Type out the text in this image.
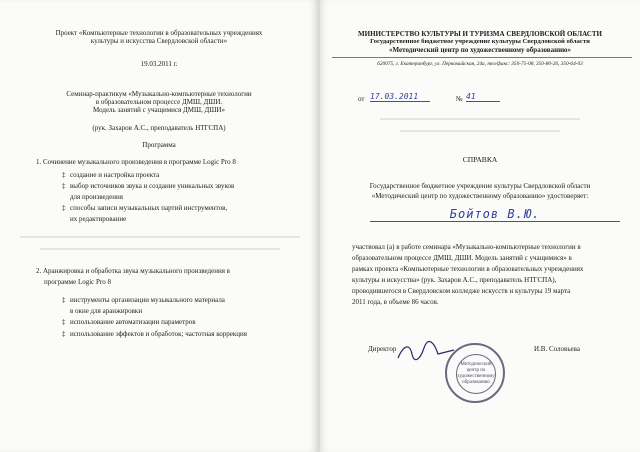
Проект «Компьютерные технологии в образовательных учреждениях
культуры и искусства Свердловской области»
19.03.2011 г.
Семинар-практикум «Музыкально-компьютерные технологии
в образовательном процессе ДМШ, ДШИ.
Модель занятий с учащимися ДМШ, ДШИ»
(рук. Захаров А.С., преподаватель НТГСПА)
Программа
1. Сочинение музыкального произведения в программе Logic Pro 8
‡ создание и настройка проекта
‡ выбор источников звука и создание уникальных звуков
для произведения
‡ способы записи музыкальных партий инструментов,
их редактирование
2. Аранжировка и обработка звука музыкального произведения в
программе Logic Pro 8
‡ инструменты организации музыкального материала
в окне для аранжировки
‡ использование автоматизации параметров
‡ использование эффектов и обработок; частотная коррекция
МИНИСТЕРСТВО КУЛЬТУРЫ И ТУРИЗМА СВЕРДЛОВСКОЙ ОБЛАСТИ
Государственное бюджетное учреждение культуры Свердловской области
«Методический центр по художественному образованию»
620075, г. Екатеринбург, ул. Первомайская, 24а, тел/факс: 350-75-08, 350-80-26, 350-64-03
от 17.03.2011	№ 41
СПРАВКА
Государственное бюджетное учреждение культуры Свердловской области
«Методический центр по художественному образованию» удостоверяет:
Бойтов В.Ю.
участвовал (а) в работе семинара «Музыкально-компьютерные технологии в
образовательном процессе ДМШ, ДШИ. Модель занятий с учащимися» в
рамках проекта «Компьютерные технологии в образовательных учреждениях
культуры и искусства» (рук. Захаров А.С., преподаватель НТГСПА),
проводившегося в Свердловском колледже искусств и культуры 19 марта
2011 года, в объеме 86 часов.
Директор	И.В. Соловьева
Методический центр по художественному образованию
